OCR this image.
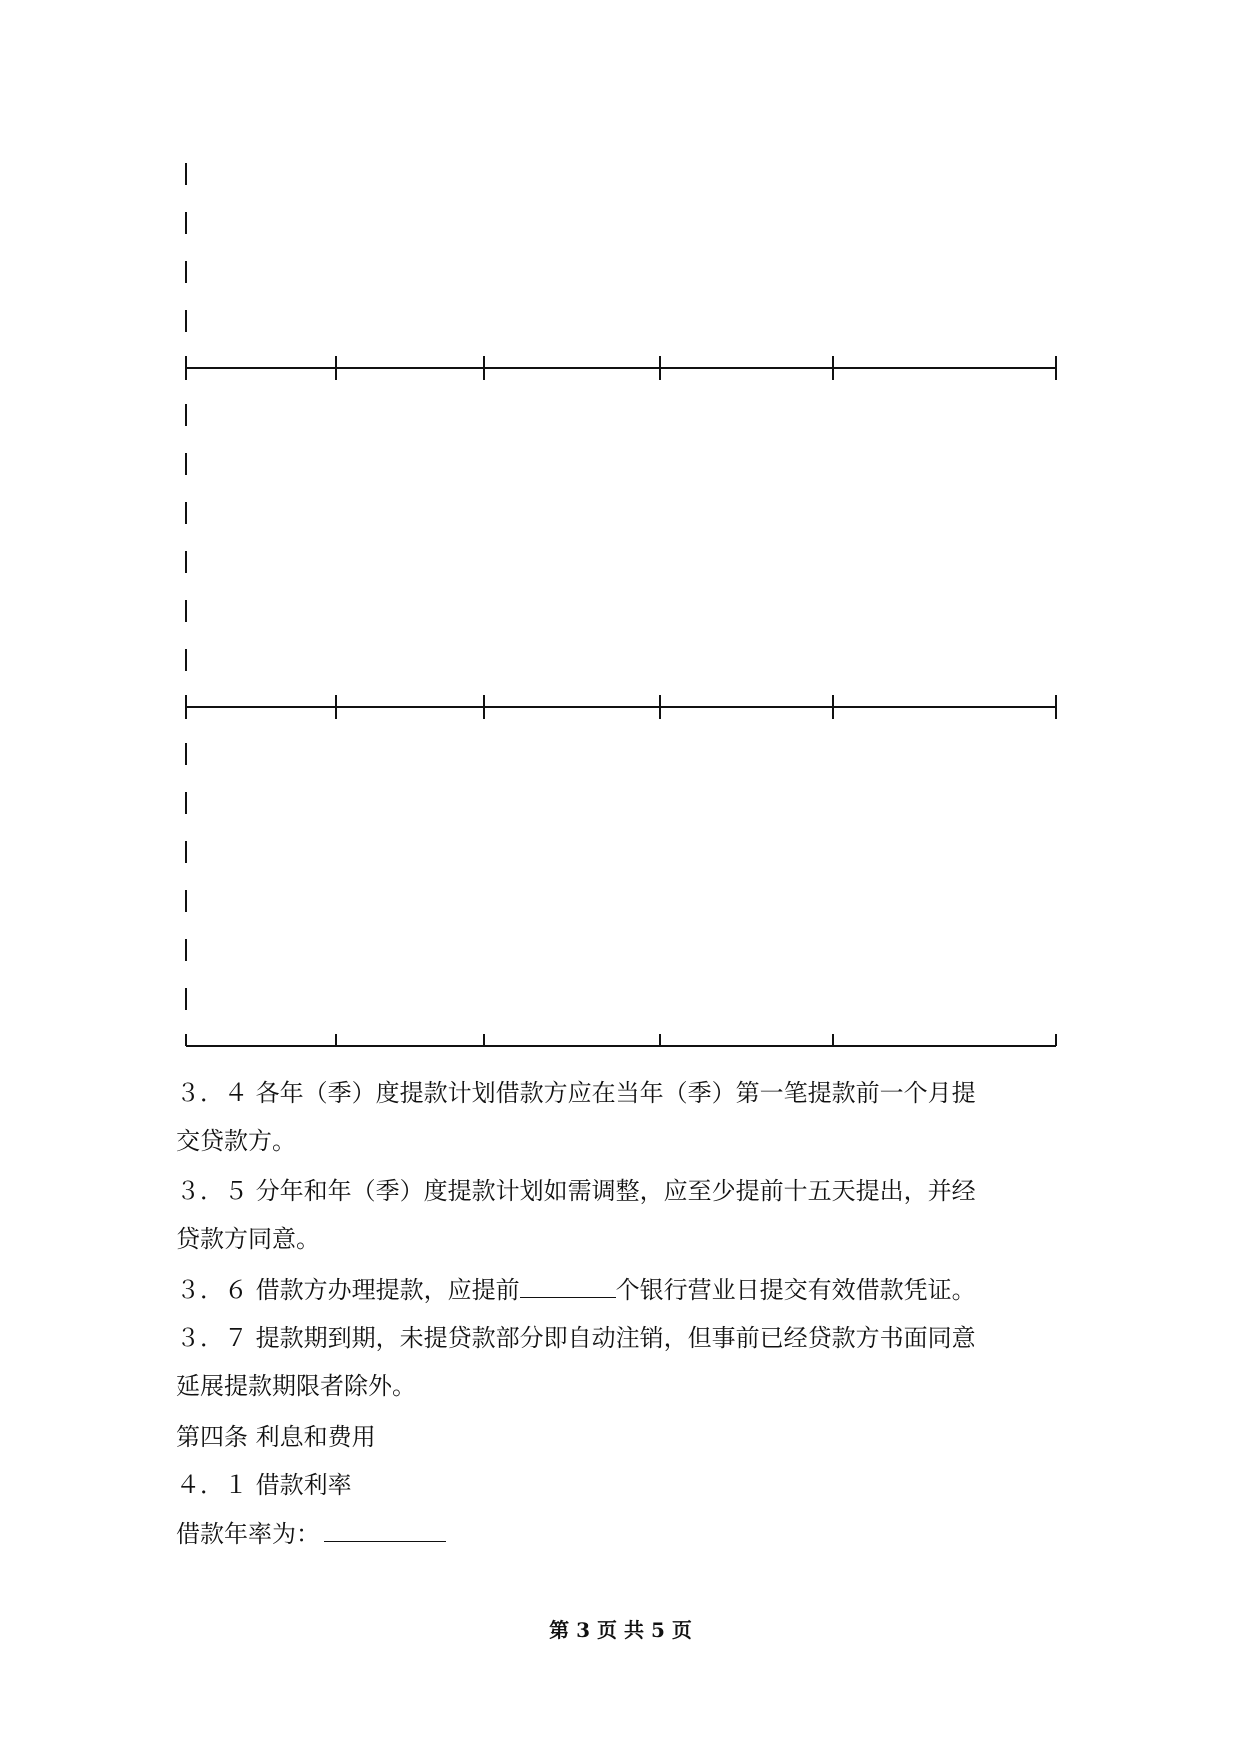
３．４ 各年（季）度提款计划借款方应在当年（季）第一笔提款前一个月提
交贷款方。

３．５ 分年和年（季）度提款计划如需调整，应至少提前十五天提出，并经
贷款方同意。

３．６ 借款方办理提款，应提前	个银行营业日提交有效借款凭证。

３．７ 提款期到期，未提贷款部分即自动注销，但事前已经贷款方书面同意
延展提款期限者除外。

第四条 利息和费用

４．１ 借款利率

借款年率为：

第 3 页 共 5 页
